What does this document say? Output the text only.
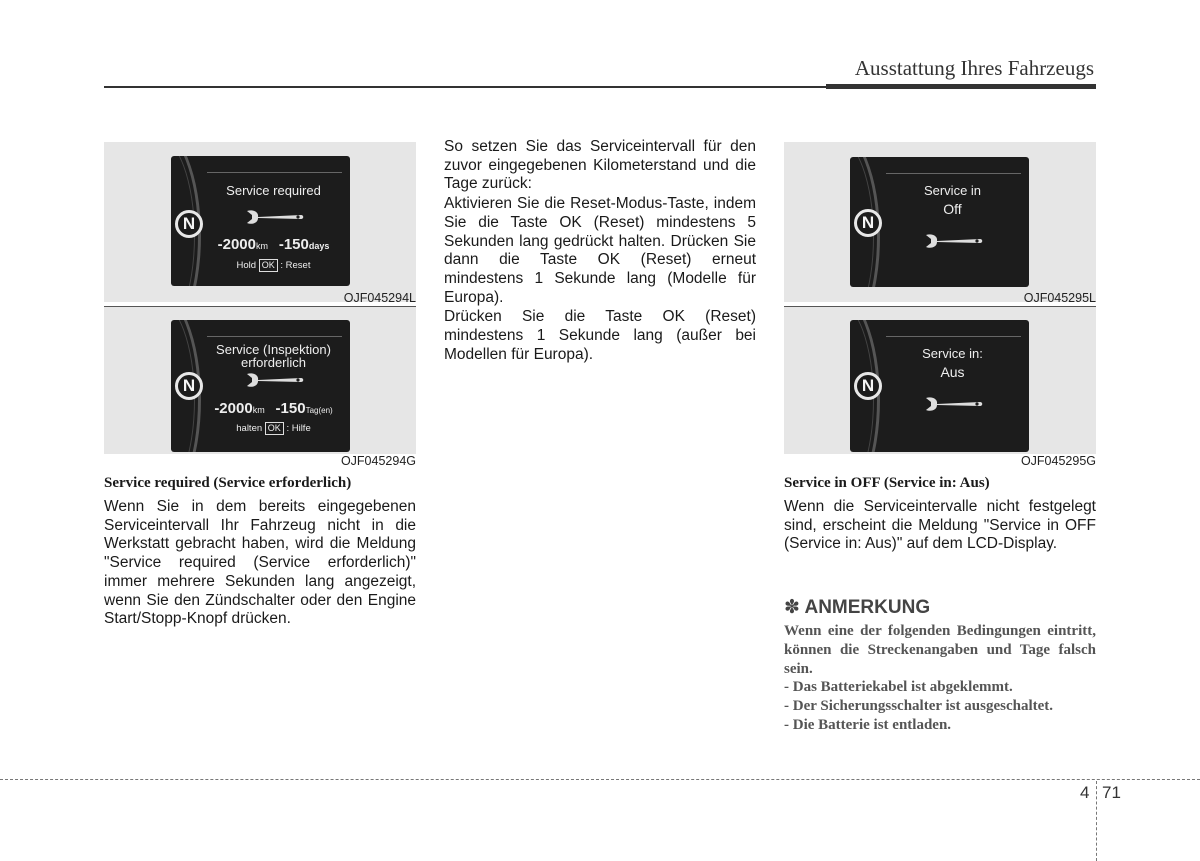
Ausstattung Ihres Fahrzeugs
N
Service required
-2000km -150days
Hold OK : Reset
OJF045294L
N
Service (Inspektion)
erforderlich
-2000km -150Tag(en)
halten OK : Hilfe
OJF045294G
Service required (Service erforderlich)
Wenn Sie in dem bereits eingegebenen Serviceintervall Ihr Fahrzeug nicht in die Werkstatt gebracht haben, wird die Meldung "Service required (Service erforderlich)" immer mehrere Sekunden lang angezeigt, wenn Sie den Zündschalter oder den Engine Start/Stopp-Knopf drücken.

So setzen Sie das Serviceintervall für den zuvor eingegebenen Kilometerstand und die Tage zurück:

Aktivieren Sie die Reset-Modus-Taste, indem Sie die Taste OK (Reset) mindestens 5 Sekunden lang gedrückt halten. Drücken Sie dann die Taste OK (Reset) erneut mindestens 1 Sekunde lang (Modelle für Europa).

Drücken Sie die Taste OK (Reset) mindestens 1 Sekunde lang (außer bei Modellen für Europa).

N
Service in
Off
OJF045295L
N
Service in:
Aus
OJF045295G
Service in OFF (Service in: Aus)
Wenn die Serviceintervalle nicht festgelegt sind, erscheint die Meldung "Service in OFF (Service in: Aus)" auf dem LCD-Display.
✽ ANMERKUNG
Wenn eine der folgenden Bedingungen eintritt, können die Streckenangaben und Tage falsch sein.
- Das Batteriekabel ist abgeklemmt.
- Der Sicherungsschalter ist ausgeschaltet.
- Die Batterie ist entladen.
4 71
